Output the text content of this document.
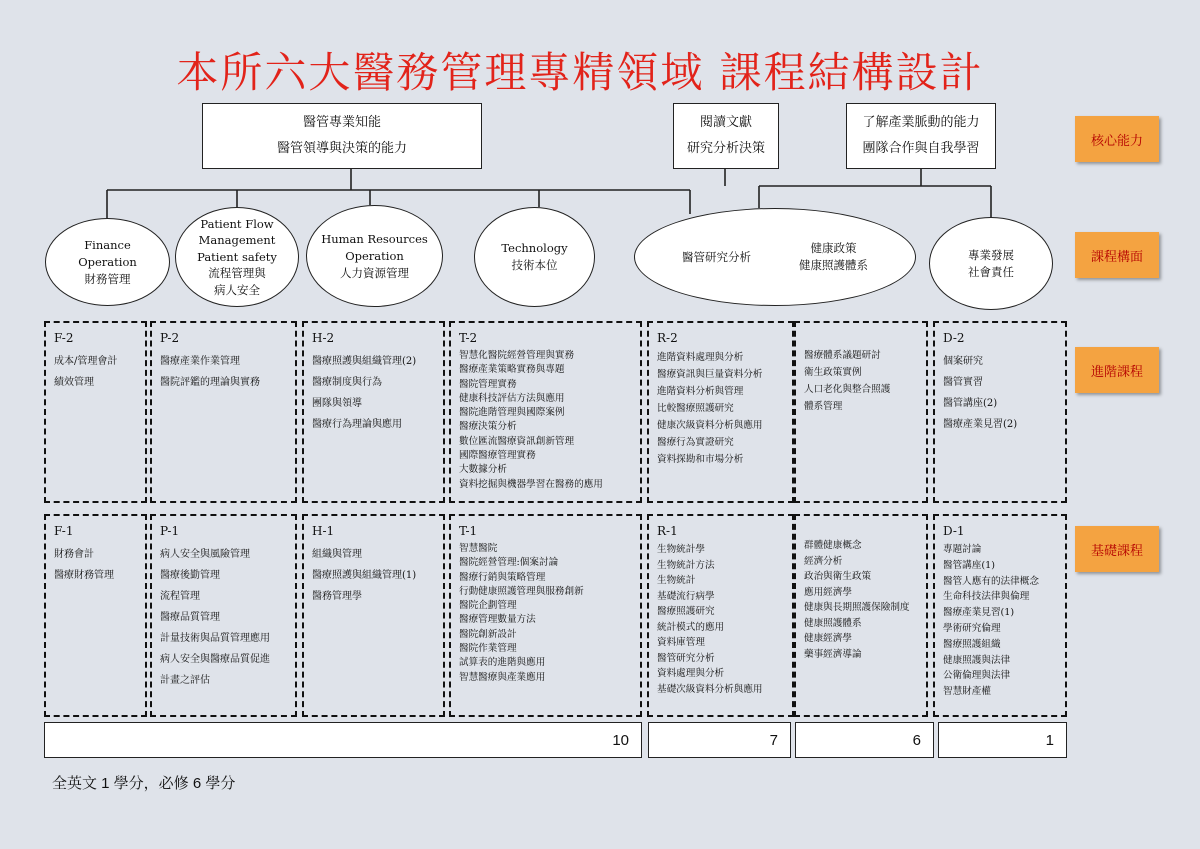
本所六大醫務管理專精領域 課程結構設計
醫管專業知能
醫管領導與決策的能力
閱讀文獻
研究分析決策
了解產業脈動的能力
團隊合作與自我學習
Finance
Operation
財務管理
Patient Flow
Management
Patient safety
流程管理與
病人安全
Human Resources
Operation
人力資源管理
Technology
技術本位
醫管研究分析
健康政策
健康照護體系
專業發展
社會責任
核心能力
課程構面
進階課程
基礎課程
F-2
成本/管理會計
績效管理
P-2
醫療產業作業管理
醫院評鑑的理論與實務
H-2
醫療照護與組織管理(2)
醫療制度與行為
團隊與領導
醫療行為理論與應用
T-2
智慧化醫院經營管理與實務
醫療產業策略實務與專題
醫院管理實務
健康科技評估方法與應用
醫院進階管理與國際案例
醫療決策分析
數位匯流醫療資訊創新管理
國際醫療管理實務
大數據分析
資料挖掘與機器學習在醫務的應用
R-2
進階資料處理與分析
醫療資訊與巨量資料分析
進階資料分析與管理
比較醫療照護研究
健康次級資料分析與應用
醫療行為實證研究
資料探勘和市場分析
醫療體系議題研討
衛生政策實例
人口老化與整合照護
體系管理
D-2
個案研究
醫管實習
醫管講座(2)
醫療產業見習(2)
F-1
財務會計
醫療財務管理
P-1
病人安全與風險管理
醫療後勤管理
流程管理
醫療品質管理
計量技術與品質管理應用
病人安全與醫療品質促進
計畫之評估
H-1
組織與管理
醫療照護與組織管理(1)
醫務管理學
T-1
智慧醫院
醫院經營管理:個案討論
醫療行銷與策略管理
行動健康照護管理與服務創新
醫院企劃管理
醫療管理數量方法
醫院創新設計
醫院作業管理
試算表的進階與應用
智慧醫療與產業應用
R-1
生物統計學
生物統計方法
生物統計
基礎流行病學
醫療照護研究
統計模式的應用
資料庫管理
醫管研究分析
資料處理與分析
基礎次級資料分析與應用
群體健康概念
經濟分析
政治與衛生政策
應用經濟學
健康與長期照護保險制度
健康照護體系
健康經濟學
藥事經濟導論
D-1
專題討論
醫管講座(1)
醫管人應有的法律概念
生命科技法律與倫理
醫療產業見習(1)
學術研究倫理
醫療照護組織
健康照護與法律
公衛倫理與法律
智慧財產權
10	7	6	1
全英文 1 學分，必修 6 學分
